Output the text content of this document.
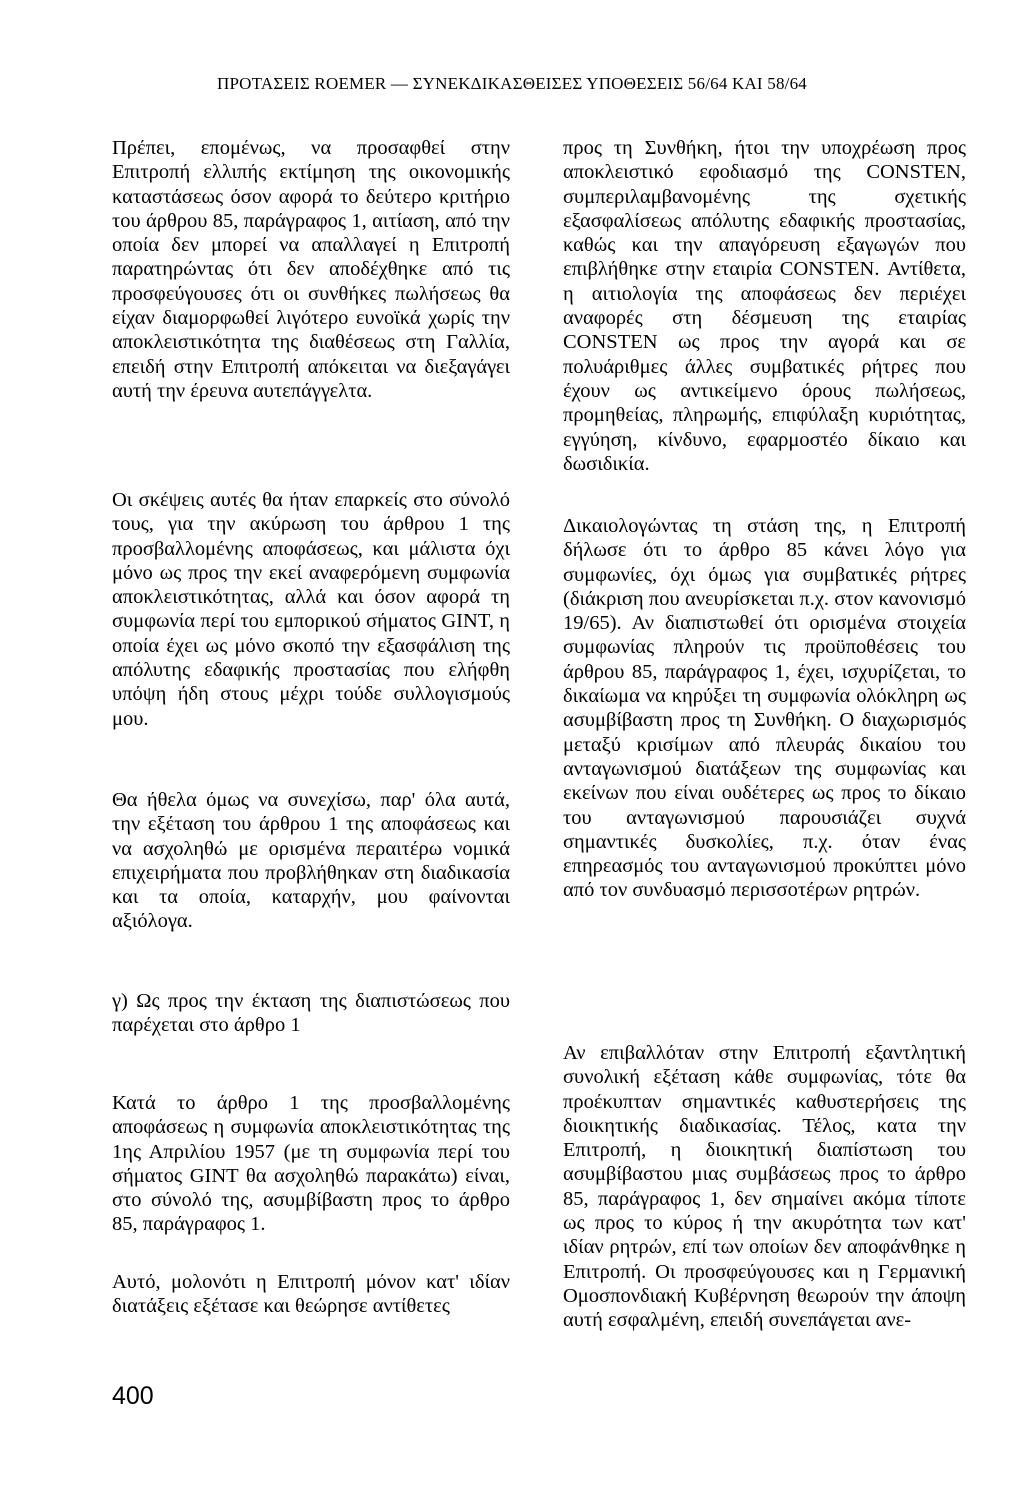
ΠΡΟΤΑΣΕΙΣ ROEMER — ΣΥΝΕΚΔΙΚΑΣΘΕΙΣΕΣ ΥΠΟΘΕΣΕΙΣ 56/64 ΚΑΙ 58/64

Πρέπει, επομένως, να προσαφθεί στην Επιτροπή ελλιπής εκτίμηση της οικονομικής καταστάσεως όσον αφορά το δεύτερο κριτήριο του άρθρου 85, παράγραφος 1, αιτίαση, από την οποία δεν μπορεί να απαλλαγεί η Επιτροπή παρατηρώντας ότι δεν αποδέχθηκε από τις προσφεύγουσες ότι οι συνθήκες πωλήσεως θα είχαν διαμορφωθεί λιγότερο ευνοϊκά χωρίς την αποκλειστικότητα της διαθέσεως στη Γαλλία, επειδή στην Επιτροπή απόκειται να διεξαγάγει αυτή την έρευνα αυτεπάγγελτα.

Οι σκέψεις αυτές θα ήταν επαρκείς στο σύνολό τους, για την ακύρωση του άρθρου 1 της προσβαλλομένης αποφάσεως, και μάλιστα όχι μόνο ως προς την εκεί αναφερόμενη συμφωνία αποκλειστικότητας, αλλά και όσον αφορά τη συμφωνία περί του εμπορικού σήματος GINT, η οποία έχει ως μόνο σκοπό την εξασφάλιση της απόλυτης εδαφικής προστασίας που ελήφθη υπόψη ήδη στους μέχρι τούδε συλλογισμούς μου.

Θα ήθελα όμως να συνεχίσω, παρ' όλα αυτά, την εξέταση του άρθρου 1 της αποφάσεως και να ασχοληθώ με ορισμένα περαιτέρω νομικά επιχειρήματα που προβλήθηκαν στη διαδικασία και τα οποία, καταρχήν, μου φαίνονται αξιόλογα.

γ) Ως προς την έκταση της διαπιστώσεως που παρέχεται στο άρθρο 1

Κατά το άρθρο 1 της προσβαλλομένης αποφάσεως η συμφωνία αποκλειστικότητας της 1ης Απριλίου 1957 (με τη συμφωνία περί του σήματος GINT θα ασχοληθώ παρακάτω) είναι, στο σύνολό της, ασυμβίβαστη προς το άρθρο 85, παράγραφος 1.

Αυτό, μολονότι η Επιτροπή μόνον κατ' ιδίαν διατάξεις εξέτασε και θεώρησε αντίθετες

προς τη Συνθήκη, ήτοι την υποχρέωση προς αποκλειστικό εφοδιασμό της CONSTEN, συμπεριλαμβανομένης της σχετικής εξασφαλίσεως απόλυτης εδαφικής προστασίας, καθώς και την απαγόρευση εξαγωγών που επιβλήθηκε στην εταιρία CONSTEN. Αντίθετα, η αιτιολογία της αποφάσεως δεν περιέχει αναφορές στη δέσμευση της εταιρίας CONSTEN ως προς την αγορά και σε πολυάριθμες άλλες συμβατικές ρήτρες που έχουν ως αντικείμενο όρους πωλήσεως, προμηθείας, πληρωμής, επιφύλαξη κυριότητας, εγγύηση, κίνδυνο, εφαρμοστέο δίκαιο και δωσιδικία.

Δικαιολογώντας τη στάση της, η Επιτροπή δήλωσε ότι το άρθρο 85 κάνει λόγο για συμφωνίες, όχι όμως για συμβατικές ρήτρες (διάκριση που ανευρίσκεται π.χ. στον κανονισμό 19/65). Αν διαπιστωθεί ότι ορισμένα στοιχεία συμφωνίας πληρούν τις προϋποθέσεις του άρθρου 85, παράγραφος 1, έχει, ισχυρίζεται, το δικαίωμα να κηρύξει τη συμφωνία ολόκληρη ως ασυμβίβαστη προς τη Συνθήκη. Ο διαχωρισμός μεταξύ κρισίμων από πλευράς δικαίου του ανταγωνισμού διατάξεων της συμφωνίας και εκείνων που είναι ουδέτερες ως προς το δίκαιο του ανταγωνισμού παρουσιάζει συχνά σημαντικές δυσκολίες, π.χ. όταν ένας επηρεασμός του ανταγωνισμού προκύπτει μόνο από τον συνδυασμό περισσοτέρων ρητρών.

Αν επιβαλλόταν στην Επιτροπή εξαντλητική συνολική εξέταση κάθε συμφωνίας, τότε θα προέκυπταν σημαντικές καθυστερήσεις της διοικητικής διαδικασίας. Τέλος, κατα την Επιτροπή, η διοικητική διαπίστωση του ασυμβίβαστου μιας συμβάσεως προς το άρθρο 85, παράγραφος 1, δεν σημαίνει ακόμα τίποτε ως προς το κύρος ή την ακυρότητα των κατ' ιδίαν ρητρών, επί των οποίων δεν αποφάνθηκε η Επιτροπή. Οι προσφεύγουσες και η Γερμανική Ομοσπονδιακή Κυβέρνηση θεωρούν την άποψη αυτή εσφαλμένη, επειδή συνεπάγεται ανε-

400
